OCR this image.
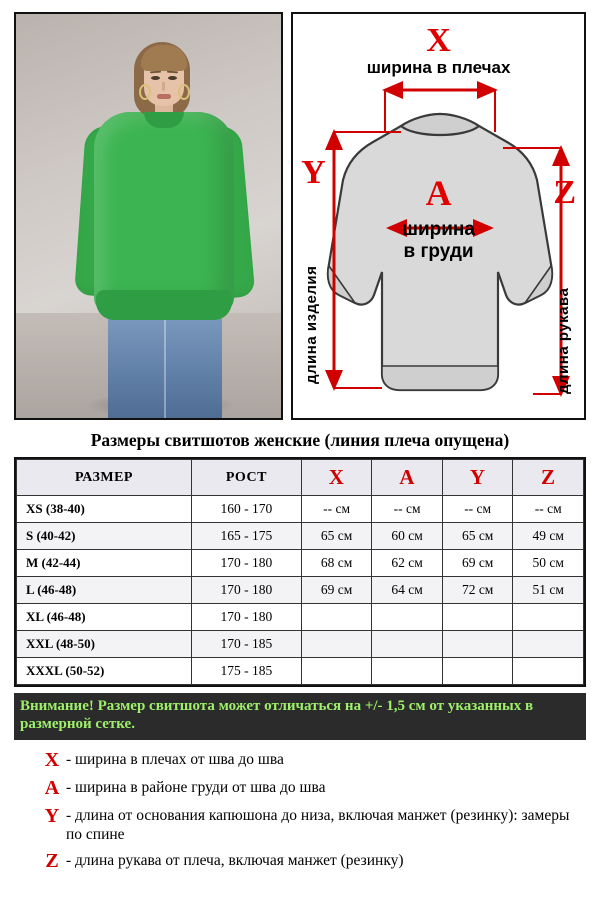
X
ширина в плечах
Y
Z
A
ширина
в груди
длина изделия	длина рукава
Размеры свитшотов женские (линия плеча опущена)
РАЗМЕР	РОСТ	X	A	Y	Z
XS (38-40)	160 - 170	-- см	-- см	-- см	-- см
S (40-42)	165 - 175	65 см	60 см	65 см	49 см
M (42-44)	170 - 180	68 см	62 см	69 см	50 см
L (46-48)	170 - 180	69 см	64 см	72 см	51 см
XL (46-48)	170 - 180				
XXL (48-50)	170 - 185				
XXXL (50-52)	175 - 185				
Внимание! Размер свитшота может отличаться на +/- 1,5 см от указанных в размерной сетке.
X - ширина в плечах от шва до шва
A - ширина в районе груди от шва до шва
Y - длина от основания капюшона до низа, включая манжет (резинку): замеры по спине
Z - длина рукава от плеча, включая манжет (резинку)
